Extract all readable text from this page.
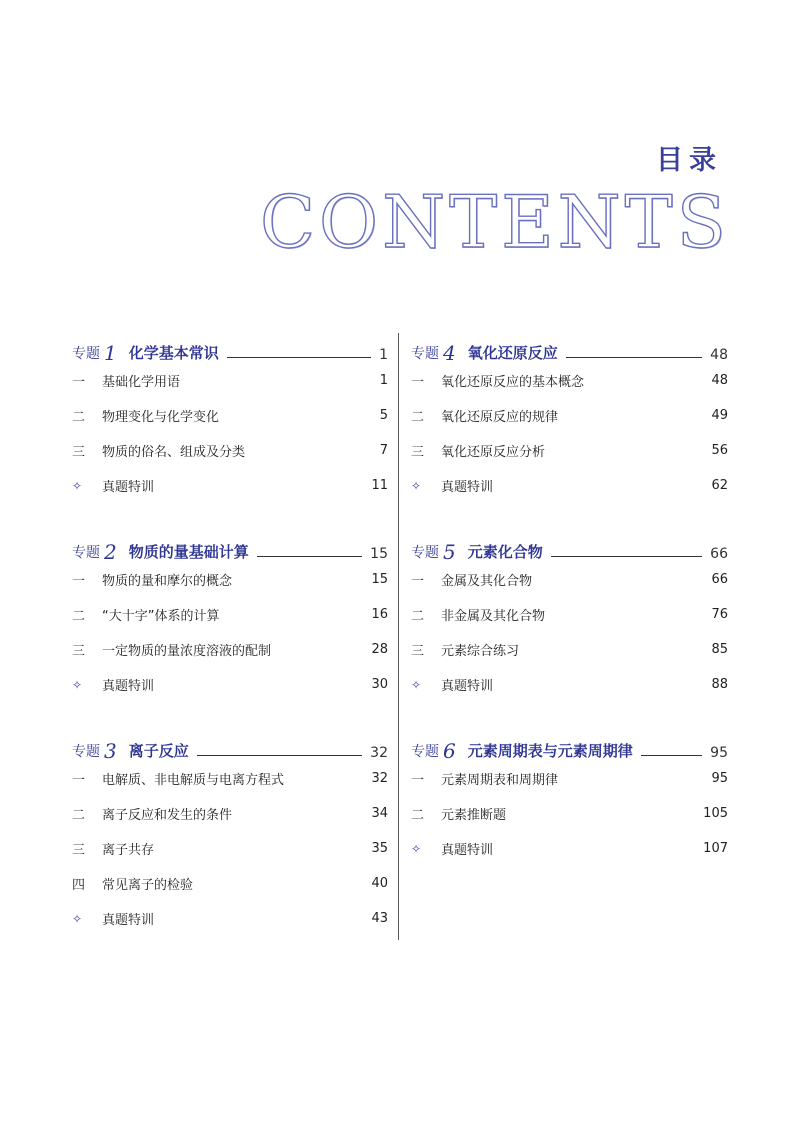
目录
CONTENTS
专题 1 化学基本常识	1
一	基础化学用语	1
二	物理变化与化学变化	5
三	物质的俗名、组成及分类	7
✧	真题特训	11
专题 2 物质的量基础计算	15
一	物质的量和摩尔的概念	15
二	“大十字”体系的计算	16
三	一定物质的量浓度溶液的配制	28
✧	真题特训	30
专题 3 离子反应	32
一	电解质、非电解质与电离方程式	32
二	离子反应和发生的条件	34
三	离子共存	35
四	常见离子的检验	40
✧	真题特训	43
专题 4 氧化还原反应	48
一	氧化还原反应的基本概念	48
二	氧化还原反应的规律	49
三	氧化还原反应分析	56
✧	真题特训	62
专题 5 元素化合物	66
一	金属及其化合物	66
二	非金属及其化合物	76
三	元素综合练习	85
✧	真题特训	88
专题 6 元素周期表与元素周期律	95
一	元素周期表和周期律	95
二	元素推断题	105
✧	真题特训	107
